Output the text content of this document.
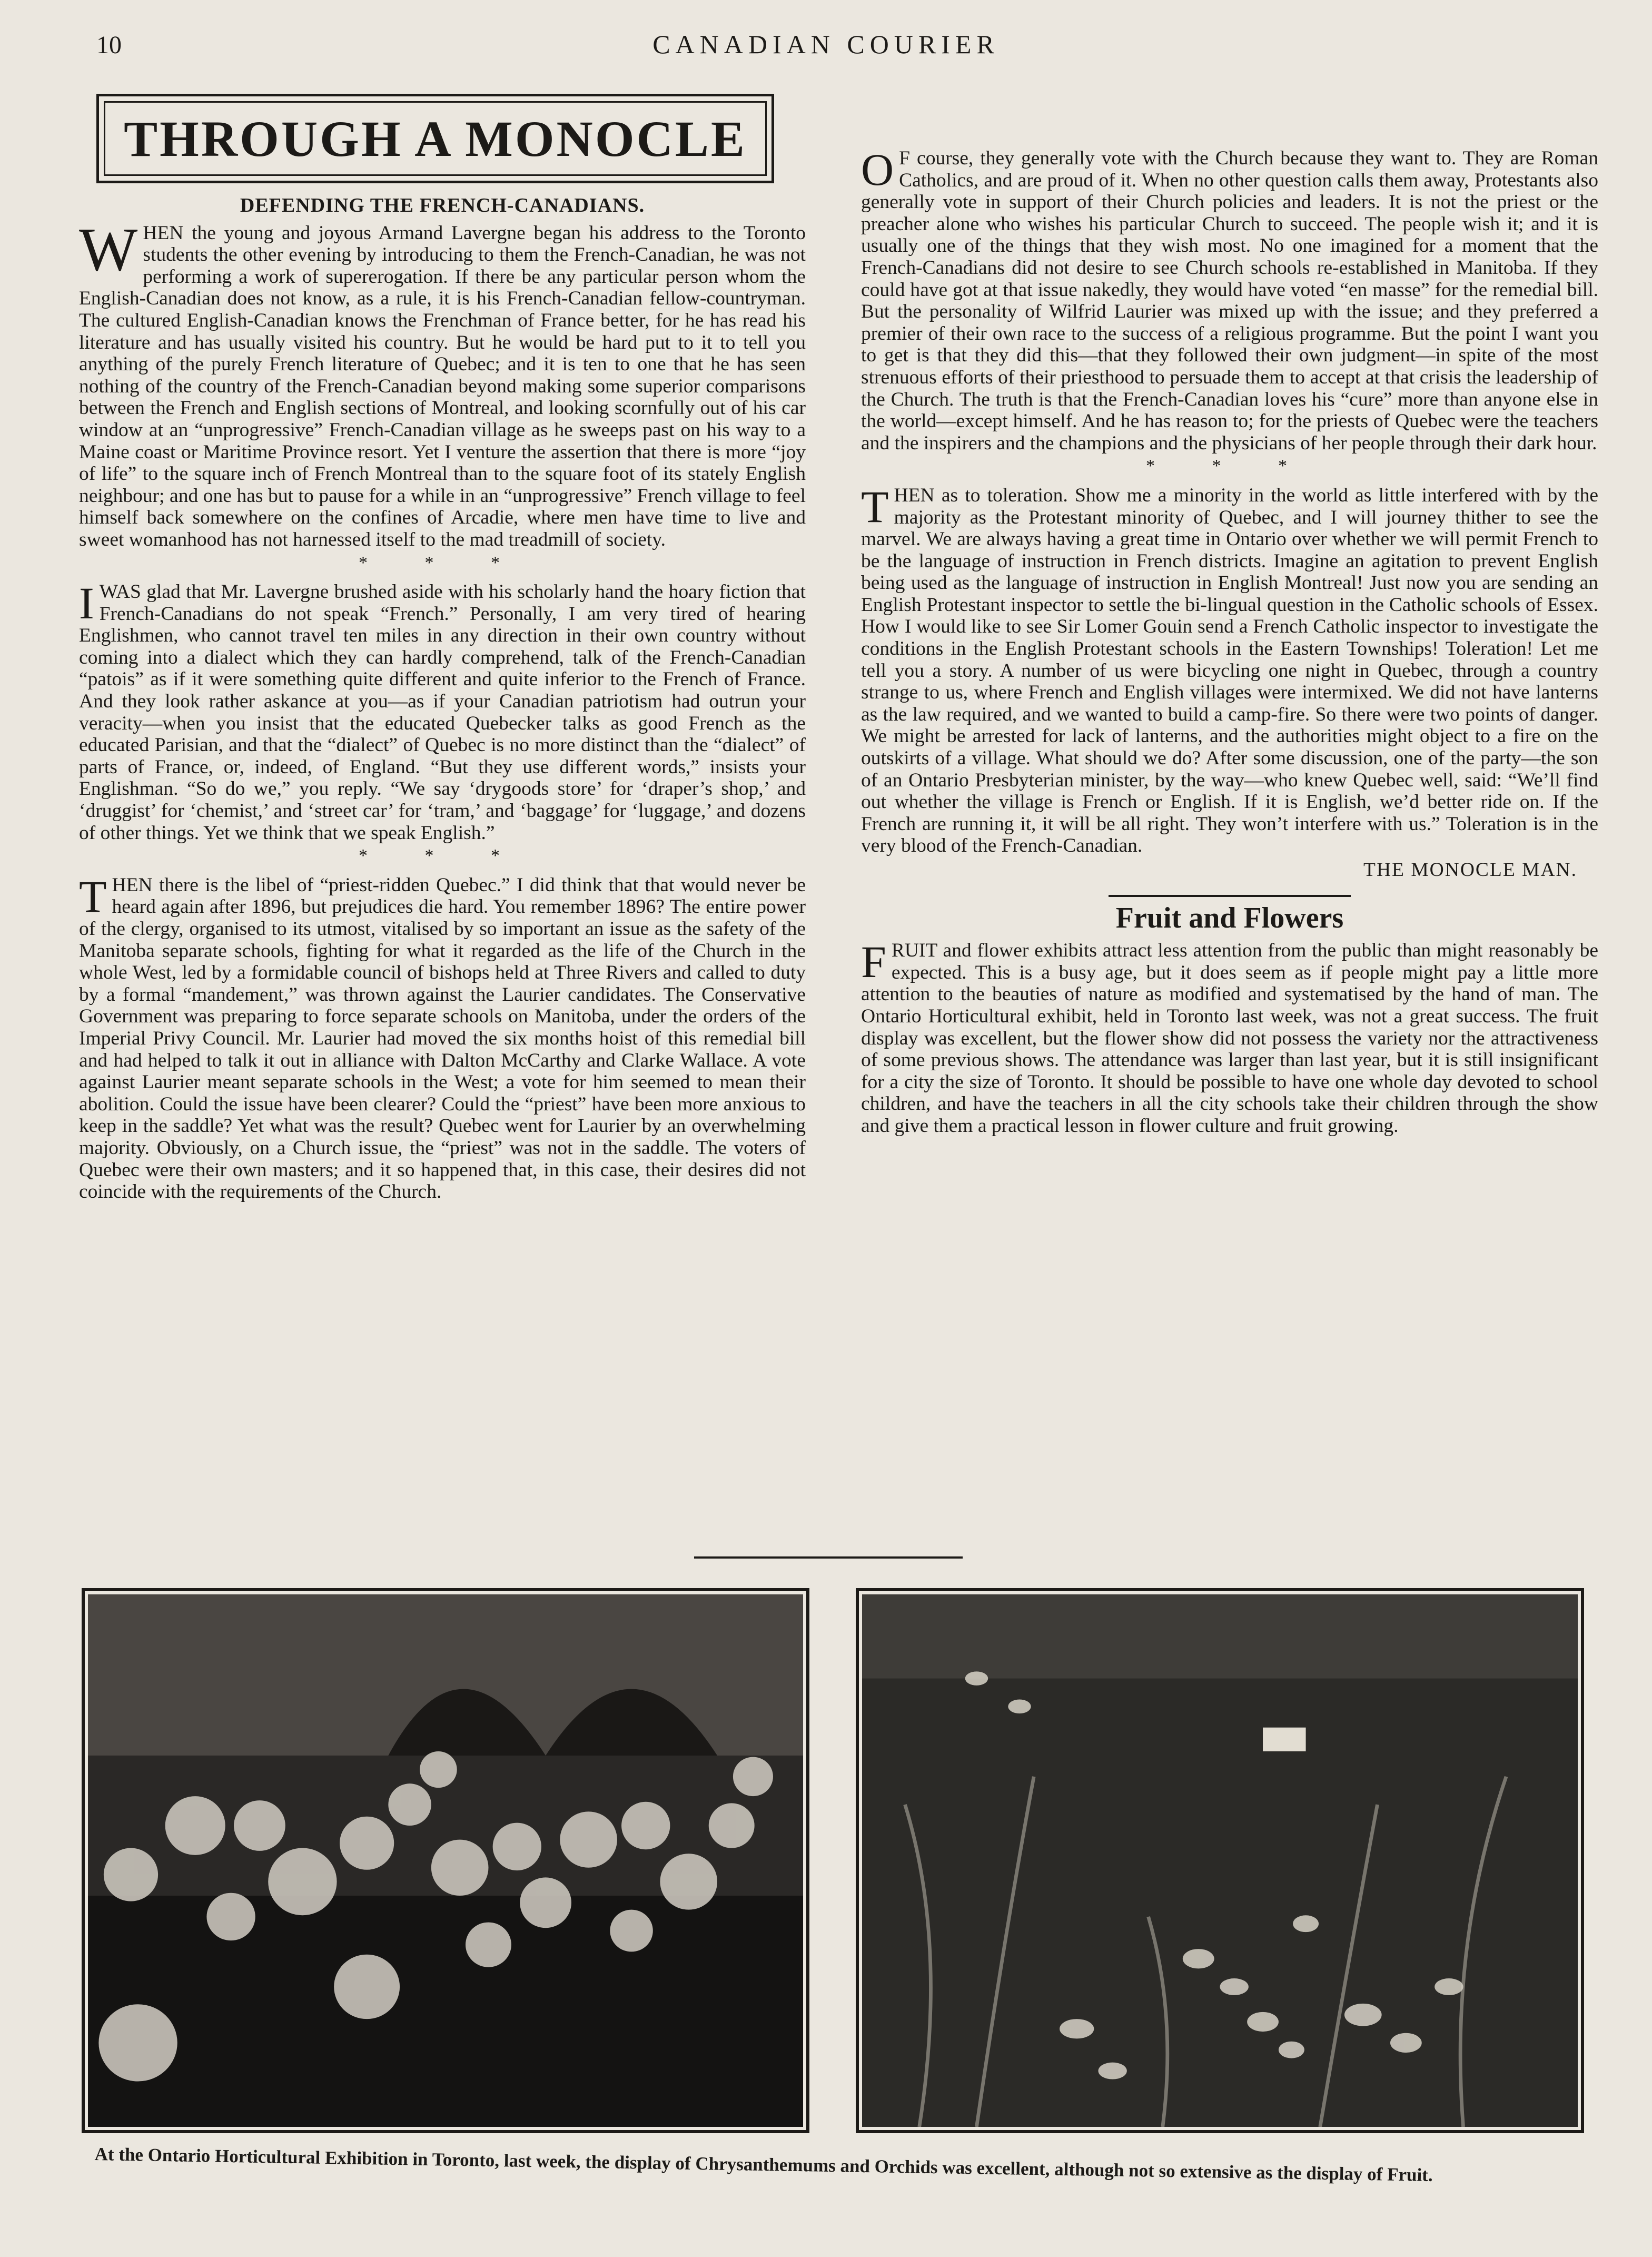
10	CANADIAN COURIER
THROUGH A MONOCLE

DEFENDING THE FRENCH-CANADIANS.

WHEN the young and joyous Armand Lavergne began his address to the Toronto students the other evening by introducing to them the French-Canadian, he was not performing a work of supererogation. If there be any particular person whom the English-Canadian does not know, as a rule, it is his French-Canadian fellow-countryman. The cultured English-Canadian knows the Frenchman of France better, for he has read his literature and has usually visited his country. But he would be hard put to it to tell you anything of the purely French literature of Quebec; and it is ten to one that he has seen nothing of the country of the French-Canadian beyond making some superior comparisons between the French and English sections of Montreal, and looking scornfully out of his car window at an “unprogressive” French-Canadian village as he sweeps past on his way to a Maine coast or Maritime Province resort. Yet I venture the assertion that there is more “joy of life” to the square inch of French Montreal than to the square foot of its stately English neighbour; and one has but to pause for a while in an “unprogressive” French village to feel himself back somewhere on the confines of Arcadie, where men have time to live and sweet womanhood has not harnessed itself to the mad treadmill of society.

* * *

IWAS glad that Mr. Lavergne brushed aside with his scholarly hand the hoary fiction that French-Canadians do not speak “French.” Personally, I am very tired of hearing Englishmen, who cannot travel ten miles in any direction in their own country without coming into a dialect which they can hardly comprehend, talk of the French-Canadian “patois” as if it were something quite different and quite inferior to the French of France. And they look rather askance at you—as if your Canadian patriotism had outrun your veracity—when you insist that the educated Quebecker talks as good French as the educated Parisian, and that the “dialect” of Quebec is no more distinct than the “dialect” of parts of France, or, indeed, of England. “But they use different words,” insists your Englishman. “So do we,” you reply. “We say ‘drygoods store’ for ‘draper’s shop,’ and ‘druggist’ for ‘chemist,’ and ‘street car’ for ‘tram,’ and ‘baggage’ for ‘luggage,’ and dozens of other things. Yet we think that we speak English.”

* * *

THEN there is the libel of “priest-ridden Quebec.” I did think that that would never be heard again after 1896, but prejudices die hard. You remember 1896? The entire power of the clergy, organised to its utmost, vitalised by so important an issue as the safety of the Manitoba separate schools, fighting for what it regarded as the life of the Church in the whole West, led by a formidable council of bishops held at Three Rivers and called to duty by a formal “mandement,” was thrown against the Laurier candidates. The Conservative Government was preparing to force separate schools on Manitoba, under the orders of the Imperial Privy Council. Mr. Laurier had moved the six months hoist of this remedial bill and had helped to talk it out in alliance with Dalton McCarthy and Clarke Wallace. A vote against Laurier meant separate schools in the West; a vote for him seemed to mean their abolition. Could the issue have been clearer? Could the “priest” have been more anxious to keep in the saddle? Yet what was the result? Quebec went for Laurier by an overwhelming majority. Obviously, on a Church issue, the “priest” was not in the saddle. The voters of Quebec were their own masters; and it so happened that, in this case, their desires did not coincide with the requirements of the Church.

O F course, they generally vote with the Church because they want to. They are Roman Catholics, and are proud of it. When no other question calls them away, Protestants also generally vote in support of their Church policies and leaders. It is not the priest or the preacher alone who wishes his particular Church to succeed. The people wish it; and it is usually one of the things that they wish most. No one imagined for a moment that the French-Canadians did not desire to see Church schools re-established in Manitoba. If they could have got at that issue nakedly, they would have voted “en masse” for the remedial bill. But the personality of Wilfrid Laurier was mixed up with the issue; and they preferred a premier of their own race to the success of a religious programme. But the point I want you to get is that they did this—that they followed their own judgment—in spite of the most strenuous efforts of their priesthood to persuade them to accept at that crisis the leadership of the Church. The truth is that the French-Canadian loves his “cure” more than anyone else in the world—except himself. And he has reason to; for the priests of Quebec were the teachers and the inspirers and the champions and the physicians of her people through their dark hour.

* * *

THEN as to toleration. Show me a minority in the world as little interfered with by the majority as the Protestant minority of Quebec, and I will journey thither to see the marvel. We are always having a great time in Ontario over whether we will permit French to be the language of instruction in French districts. Imagine an agitation to prevent English being used as the language of instruction in English Montreal! Just now you are sending an English Protestant inspector to settle the bi-lingual question in the Catholic schools of Essex. How I would like to see Sir Lomer Gouin send a French Catholic inspector to investigate the conditions in the English Protestant schools in the Eastern Townships! Toleration! Let me tell you a story. A number of us were bicycling one night in Quebec, through a country strange to us, where French and English villages were intermixed. We did not have lanterns as the law required, and we wanted to build a camp-fire. So there were two points of danger. We might be arrested for lack of lanterns, and the authorities might object to a fire on the outskirts of a village. What should we do? After some discussion, one of the party—the son of an Ontario Presbyterian minister, by the way—who knew Quebec well, said: “We’ll find out whether the village is French or English. If it is English, we’d better ride on. If the French are running it, it will be all right. They won’t interfere with us.” Toleration is in the very blood of the French-Canadian.

THE MONOCLE MAN.

Fruit and Flowers

FRUIT and flower exhibits attract less attention from the public than might reasonably be expected. This is a busy age, but it does seem as if people might pay a little more attention to the beauties of nature as modified and systematised by the hand of man. The Ontario Horticultural exhibit, held in Toronto last week, was not a great success. The fruit display was excellent, but the flower show did not possess the variety nor the attractiveness of some previous shows. The attendance was larger than last year, but it is still insignificant for a city the size of Toronto. It should be possible to have one whole day devoted to school children, and have the teachers in all the city schools take their children through the show and give them a practical lesson in flower culture and fruit growing.

At the Ontario Horticultural Exhibition in Toronto, last week, the display of Chrysanthemums and Orchids was excellent, although not so extensive as the display of Fruit.
